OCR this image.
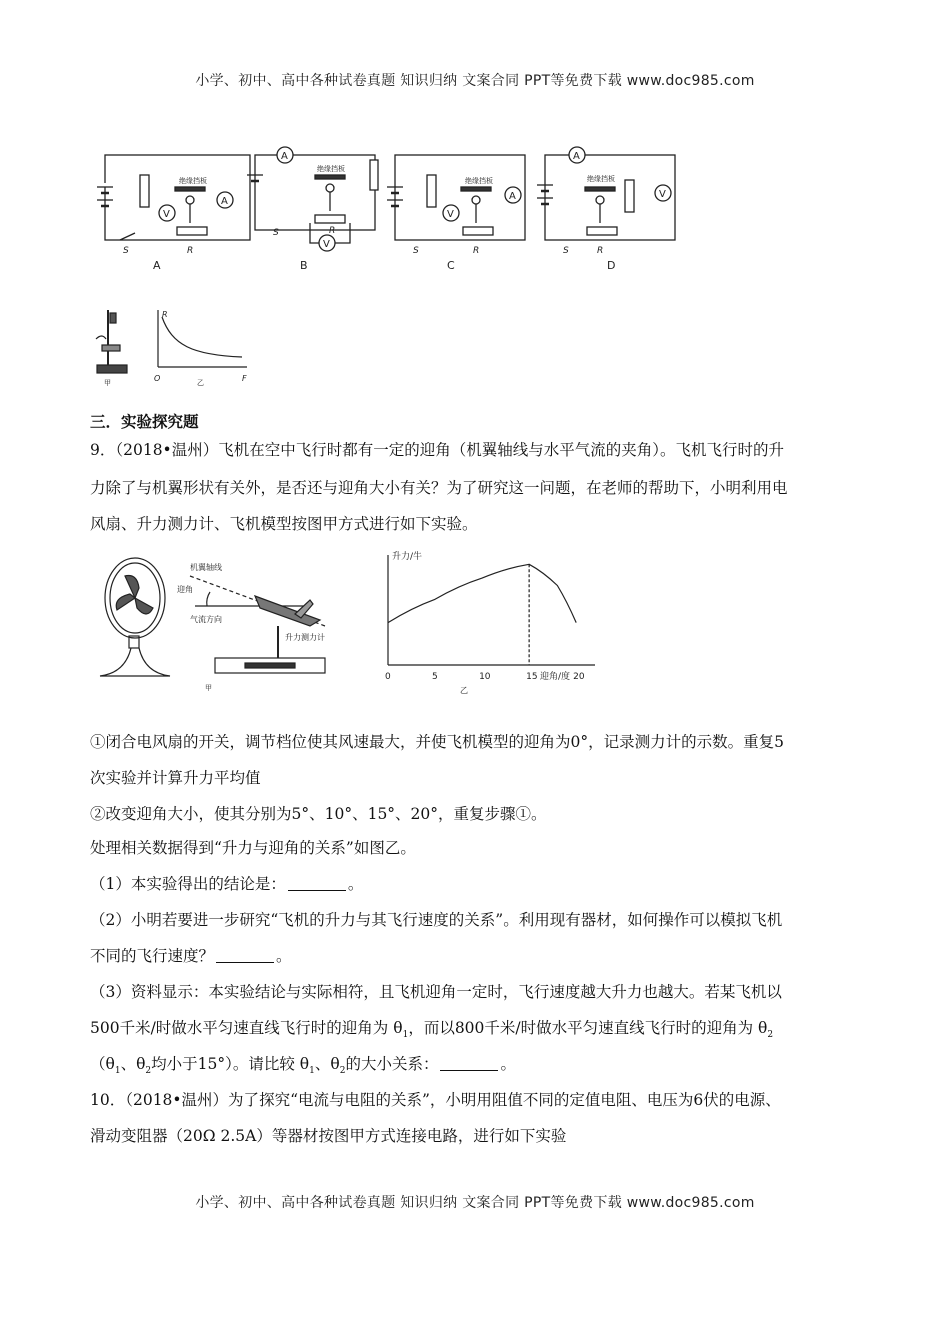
小学、初中、高中各种试卷真题 知识归纳 文案合同 PPT等免费下载 www.doc985.com
V
A
绝缘挡板
S	R
A
A
V
绝缘挡板
S	R
B
V
A
绝缘挡板
S	R
C
A
V
绝缘挡板
S	R
D
甲
R
F
O	乙
三．实验探究题
9．（2018•温州）飞机在空中飞行时都有一定的迎角（机翼轴线与水平气流的夹角）。飞机飞行时的升
力除了与机翼形状有关外，是否还与迎角大小有关？为了研究这一问题，在老师的帮助下，小明利用电
风扇、升力测力计、飞机模型按图甲方式进行如下实验。
机翼轴线
迎角
气流方向
升力测力计
甲
升力/牛
迎角/度
乙
0	5	10	15	20
①闭合电风扇的开关，调节档位使其风速最大，并使飞机模型的迎角为0°，记录测力计的示数。重复5
次实验并计算升力平均值
②改变迎角大小，使其分别为5°、10°、15°、20°，重复步骤①。
处理相关数据得到“升力与迎角的关系”如图乙。
（1）本实验得出的结论是：	。
（2）小明若要进一步研究“飞机的升力与其飞行速度的关系”。利用现有器材，如何操作可以模拟飞机
不同的飞行速度？	。
（3）资料显示：本实验结论与实际相符，且飞机迎角一定时，飞行速度越大升力也越大。若某飞机以
500千米/时做水平匀速直线飞行时的迎角为 $\theta_1$，而以800千米/时做水平匀速直线飞行时的迎角为 $\theta_2$
（$\theta_1$、$\theta_2$均小于15°）。请比较 $\theta_1$、$\theta_2$的大小关系：	。
10．（2018•温州）为了探究“电流与电阻的关系”，小明用阻值不同的定值电阻、电压为6伏的电源、
滑动变阻器（20Ω 2.5A）等器材按图甲方式连接电路，进行如下实验
小学、初中、高中各种试卷真题 知识归纳 文案合同 PPT等免费下载 www.doc985.com
